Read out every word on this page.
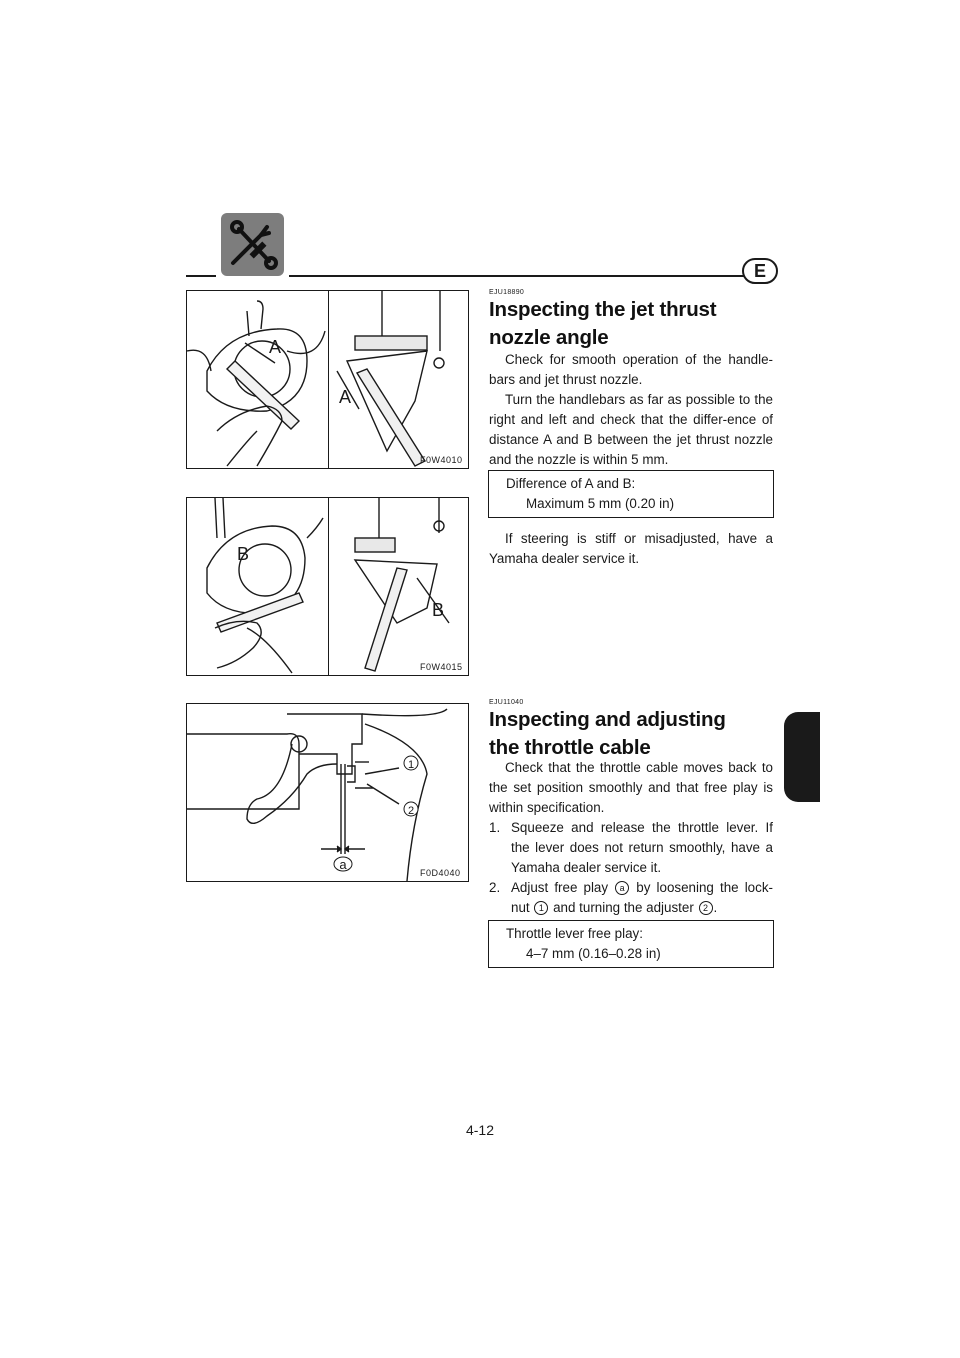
E
A
A
F0W4010
B
B
F0W4015
1
2
a
F0D4040
EJU18890
Inspecting the jet thrust nozzle angle

Check for smooth operation of the handle-bars and jet thrust nozzle.

Turn the handlebars as far as possible to the right and left and check that the differ-ence of distance A and B between the jet thrust nozzle and the nozzle is within 5 mm.

Difference of A and B:
Maximum 5 mm (0.20 in)

If steering is stiff or misadjusted, have a Yamaha dealer service it.

EJU11040
Inspecting and adjusting the throttle cable

Check that the throttle cable moves back to the set position smoothly and that free play is within specification.

1. Squeeze and release the throttle lever. If the lever does not return smoothly, have a Yamaha dealer service it.
2. Adjust free play a by loosening the lock-nut 1 and turning the adjuster 2 .
Throttle lever free play:
4–7 mm (0.16–0.28 in)
4-12
